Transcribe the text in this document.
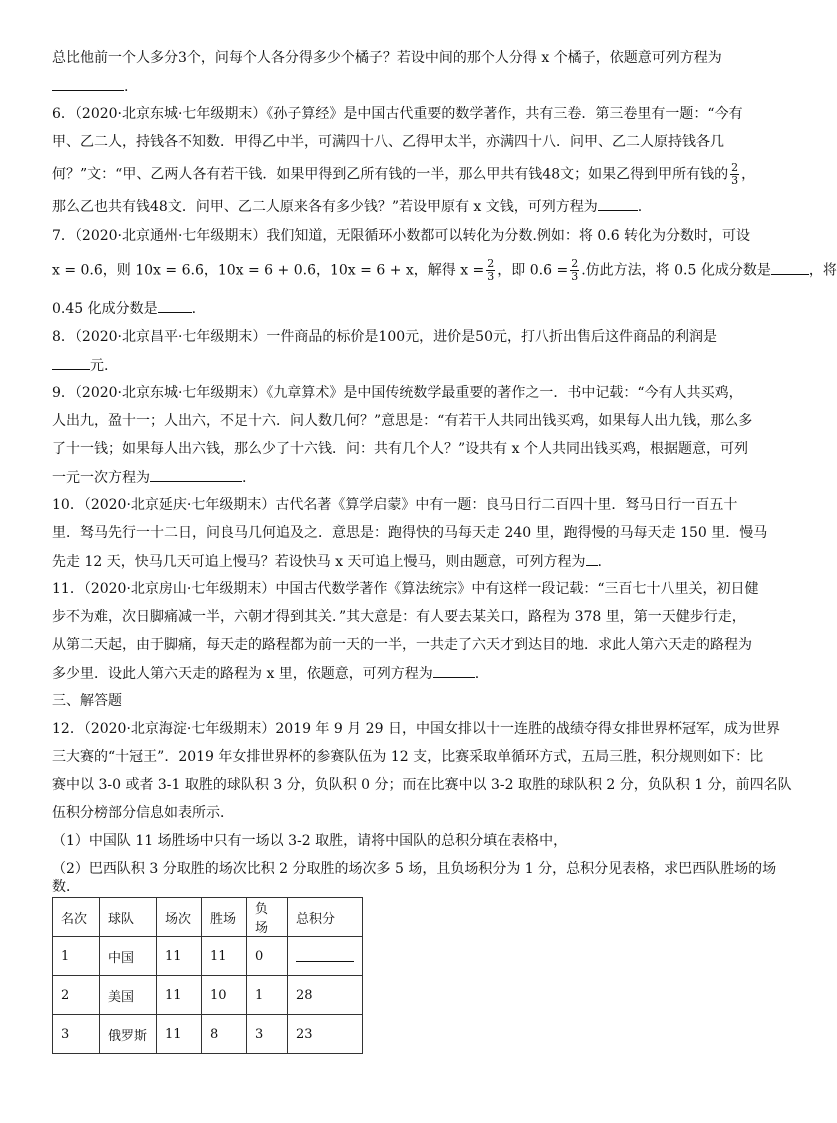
总比他前一个人多分3个，问每个人各分得多少个橘子？若设中间的那个人分得 x 个橘子，依题意可列方程为
.
6．（2020·北京东城·七年级期末）《孙子算经》是中国古代重要的数学著作，共有三卷．第三卷里有一题：“今有
甲、乙二人，持钱各不知数．甲得乙中半，可满四十八、乙得甲太半，亦满四十八．问甲、乙二人原持钱各几
何？”文：“甲、乙两人各有若干钱．如果甲得到乙所有钱的一半，那么甲共有钱48文；如果乙得到甲所有钱的 $\frac{2}{3}$ ，
那么乙也共有钱48文．问甲、乙二人原来各有多少钱？”若设甲原有 x 文钱，可列方程为	.
7．（2020·北京通州·七年级期末）我们知道，无限循环小数都可以转化为分数.例如：将 0.6̇ 转化为分数时，可设
x = 0.6̇，则 10x = 6.6̇，10x = 6 + 0.6̇，10x = 6 + x，解得 $x = \frac{2}{3}$ ，即 0.6̇ = $\frac{2}{3}$ .仿此方法，将 0.5̇ 化成分数是	，将
0.4̇5̇ 化成分数是 .
8．（2020·北京昌平·七年级期末）一件商品的标价是100元，进价是50元，打八折出售后这件商品的利润是
元.
9．（2020·北京东城·七年级期末）《九章算术》是中国传统数学最重要的著作之一．书中记载：“今有人共买鸡，
人出九，盈十一；人出六，不足十六．问人数几何？”意思是：“有若干人共同出钱买鸡，如果每人出九钱，那么多
了十一钱；如果每人出六钱，那么少了十六钱．问：共有几个人？”设共有 x 个人共同出钱买鸡，根据题意，可列
一元一次方程为	.
10．（2020·北京延庆·七年级期末）古代名著《算学启蒙》中有一题：良马日行二百四十里．驽马日行一百五十
里．驽马先行一十二日，问良马几何追及之．意思是：跑得快的马每天走 240 里，跑得慢的马每天走 150 里．慢马
先走 12 天，快马几天可追上慢马？若设快马 x 天可追上慢马，则由题意，可列方程为 .
11．（2020·北京房山·七年级期末）中国古代数学著作《算法统宗》中有这样一段记载：“三百七十八里关，初日健
步不为难，次日脚痛减一半，六朝才得到其关．”其大意是：有人要去某关口，路程为 378 里，第一天健步行走，
从第二天起，由于脚痛，每天走的路程都为前一天的一半，一共走了六天才到达目的地．求此人第六天走的路程为
多少里．设此人第六天走的路程为 x 里，依题意，可列方程为	.
三、解答题
12．（2020·北京海淀·七年级期末）2019 年 9 月 29 日，中国女排以十一连胜的战绩夺得女排世界杯冠军，成为世界
三大赛的“十冠王”．2019 年女排世界杯的参赛队伍为 12 支，比赛采取单循环方式，五局三胜，积分规则如下：比
赛中以 3-0 或者 3-1 取胜的球队积 3 分，负队积 0 分；而在比赛中以 3-2 取胜的球队积 2 分，负队积 1 分，前四名队
伍积分榜部分信息如表所示．
（1）中国队 11 场胜场中只有一场以 3-2 取胜，请将中国队的总积分填在表格中，
（2）巴西队积 3 分取胜的场次比积 2 分取胜的场次多 5 场，且负场积分为 1 分，总积分见表格，求巴西队胜场的场
数．
名次	球队	场次	胜场	负场	总积分
1	中国	11	11	0	
2	美国	11	10	1	28
3	俄罗斯	11	8	3	23
